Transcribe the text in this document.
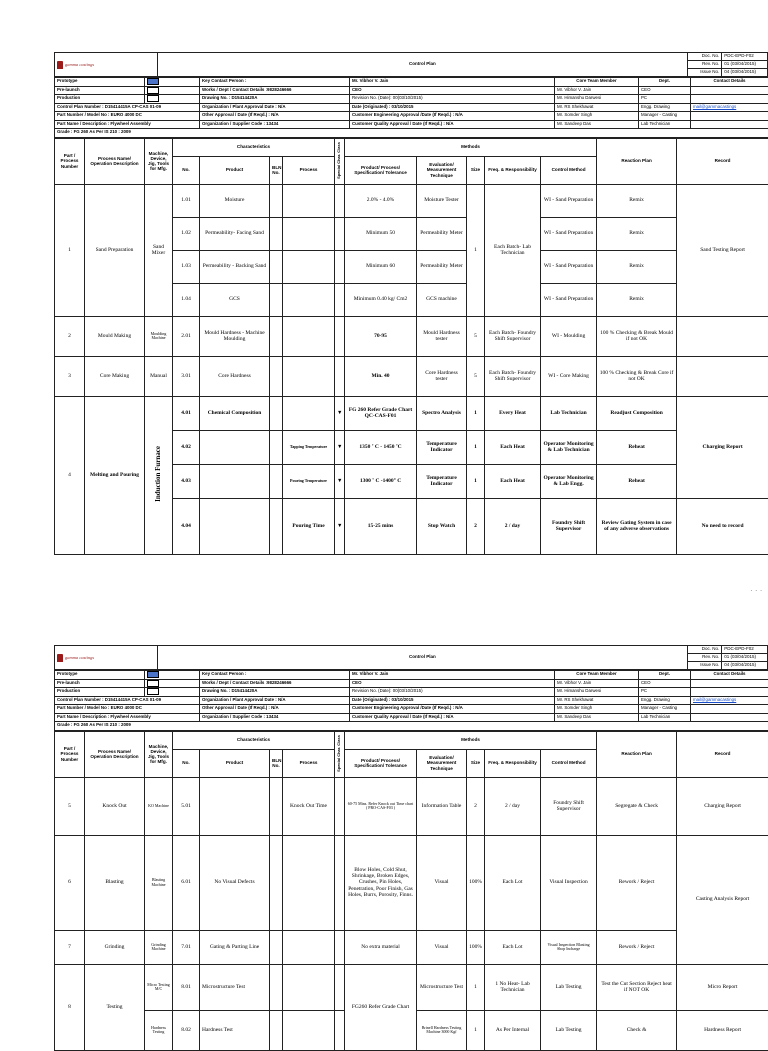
gamma castings	Control Plan	Doc. No.	PDC-EPD-F02
		Rev. No.	01 (03/04/2015)
		Issue No.	04 (03/04/2015)
Prototype		Key Contact Person :	Mr. Vibhor V. Jain	Core Team Member	Dept.	Contact Details
Pre-launch		Works / Dept / Contact Details :9828246666	CEO	Mr. Vibhor V. Jain	CEO	
Production		Drawing No. : D15414420A	Revision No. (Date): 00(03/10/2015)	Mr. Himanshu Darwesi	PC	
Control Plan Number : D15414415A CP-CAS 01-09		Organization / Plant Approval Date : N/A	Date (Originated) : 03/10/2015	Mr. RS Shekhawat	Engg. Drawing	mail@gammacastings
Part Number / Model No : EURO 4000 DC		Other Approval / Date (If Reqd.) : N/A	Customer Engineering Approval /Date (If Reqd.) : N/A	Mr. Somder Singh	Manager - Casting	
Part Name / Description : Flywheel Assembly		Organization / Supplier Code : 13434	Customer Quality Approval / Date (If Reqd.) : N/A	Mr. Sandeep Das	Lab Technician	
Grade : FG 260 As Per IS 210 : 2009						
Part / Process Number	Process Name/ Operation Description	Machine, Device, Jig, Tools for Mfg.	Characteristics				Special Char. Class	Methods					Reaction Plan	Record
			No.	Product	BLN No.	Process		Product/ Process/ Specification/ Tolerance	Evaluation/ Measurement Technique	Size	Freq. & Responsibility	Control Method		
1	Sand Preparation	Sand Mixer	1.01	Moisture				2.0% - 4.0%	Moisture Tester	1	Each Batch- Lab Technician	WI - Sand Preparation	Remix	Sand Testing Report
			1.02	Permeability- Facing Sand				Minimum 50	Permeability Meter			WI - Sand Preparation	Remix	
			1.03	Permeability - Backing Sand				Minimum 60	Permeability Meter			WI - Sand Preparation	Remix	
			1.04	GCS				Minimum 0.40 kg/ Cm2	GCS machine			WI - Sand Preparation	Remix	
2	Mould Making	Moulding Machine	2.01	Mould Hardness - Machine Moulding				70-95	Mould Hardness tester	5	Each Batch- Foundry Shift Supervisor	WI - Moulding	100 % Checking & Break Mould if not OK	
3	Core Making	Manual	3.01	Core Hardness				Min. 40	Core Hardness tester	5	Each Batch- Foundry Shift Supervisor	WI - Core Making	100 % Checking & Break Core if not OK	
4	Melting and Pouring	Induction Furnace	4.01	Chemical Composition			▼	FG 260 Refer Grade Chart QC-CAS-F01	Spectro Analysis	1	Every Heat	Lab Technician	Readjust Composition	Charging Report
			4.02			Tapping Temperature	▼	1350 ˚ C - 1450 ˚C	Temperature Indicator	1	Each Heat	Operator Monitoring & Lab Technician	Reheat	
			4.03			Pouring Temperature	▼	1300 ˚ C -1400° C	Temperature Indicator	1	Each Heat	Operator Monitoring & Lab Engg.	Reheat	
			4.04			Pouring Time	▼	15-25 mins	Stop Watch	2	2 / day	Foundry Shift Supervisor	Review Gating System in case of any adverse observations	No need to record
· · ·
gamma castings	Control Plan	Doc. No.	PDC-EPD-F02
		Rev. No.	01 (03/04/2015)
		Issue No.	04 (03/04/2015)
Prototype		Key Contact Person :	Mr. Vibhor V. Jain	Core Team Member	Dept.	Contact Details
Pre-launch		Works / Dept / Contact Details :9828246666	CEO	Mr. Vibhor V. Jain	CEO	
Production		Drawing No. : D15414420A	Revision No. (Date): 00(03/10/2015)	Mr. Himanshu Darwesi	PC	
Control Plan Number : D15414415A CP-CAS 01-09		Organization / Plant Approval Date : N/A	Date (Originated) : 03/10/2015	Mr. RS Shekhawat	Engg. Drawing	mail@gammacastings
Part Number / Model No : EURO 4000 DC		Other Approval / Date (If Reqd.) : N/A	Customer Engineering Approval /Date (If Reqd.) : N/A	Mr. Somder Singh	Manager - Casting	
Part Name / Description : Flywheel Assembly		Organization / Supplier Code : 13434	Customer Quality Approval / Date (If Reqd.) : N/A	Mr. Sandeep Das	Lab Technician	
Grade : FG 260 As Per IS 210 : 2009						
Part / Process Number	Process Name/ Operation Description	Machine, Device, Jig, Tools for Mfg.	Characteristics				Special Char. Class	Methods					Reaction Plan	Record
			No.	Product	BLN No.	Process		Product/ Process/ Specification/ Tolerance	Evaluation/ Measurement Technique	Size	Freq. & Responsibility	Control Method		
5	Knock Out	KO Machine	5.01			Knock Out Time		60-75 Mins. Refer Knock out Time chart ( PRO-CAS-F03 )	Information Table	2	2 / day	Foundry Shift Supervisor	Segregate & Check	Charging Report
6	Blasting	Blasting Machine	6.01	No Visual Defects				Blow Holes, Cold Shut, Shrinkage, Broken Edges, Crushes, Pin Holes, Penetration, Poor Finish, Gas Holes, Burrs, Porosity, Finns.	Visual	100%	Each Lot	Visual Inspection	Rework / Reject	Casting Analysis Report
7	Grinding	Grinding Machine	7.01	Gating & Parting Line				No extra material	Visual	100%	Each Lot	Visual Inspection Blasting Shop Incharge	Rework / Reject	
8	Testing	Micro Testing M/C	8.01	Microstructure Test				FG260 Refer Grade Chart	Microstructure Test	1	1 No Heat- Lab Technician	Lab Testing	Test the Cut Section Reject heat if NOT OK	Micro Report
		Hardness Testing	8.02	Hardness Test					Brinell Hardness Testing Machine 3000 Kgf	1	As Per Internal	Lab Testing	Check &	Hardness Report
